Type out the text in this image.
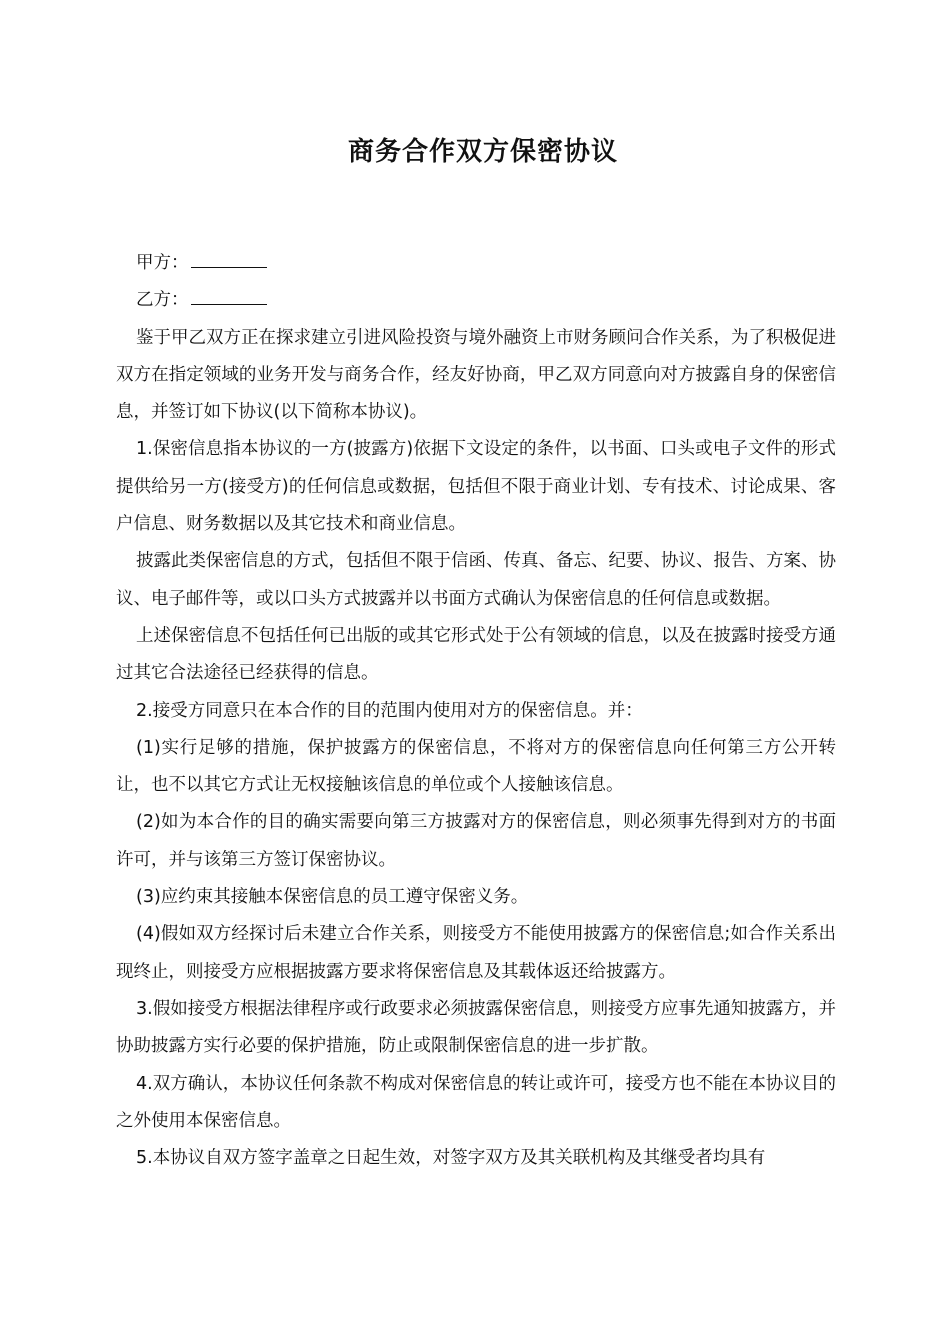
商务合作双方保密协议

甲方：

乙方：

鉴于甲乙双方正在探求建立引进风险投资与境外融资上市财务顾问合作关系，为了积极促进双方在指定领域的业务开发与商务合作，经友好协商，甲乙双方同意向对方披露自身的保密信息，并签订如下协议(以下简称本协议)。

1.保密信息指本协议的一方(披露方)依据下文设定的条件，以书面、口头或电子文件的形式提供给另一方(接受方)的任何信息或数据，包括但不限于商业计划、专有技术、讨论成果、客户信息、财务数据以及其它技术和商业信息。

披露此类保密信息的方式，包括但不限于信函、传真、备忘、纪要、协议、报告、方案、协议、电子邮件等，或以口头方式披露并以书面方式确认为保密信息的任何信息或数据。

上述保密信息不包括任何已出版的或其它形式处于公有领域的信息，以及在披露时接受方通过其它合法途径已经获得的信息。

2.接受方同意只在本合作的目的范围内使用对方的保密信息。并：

(1)实行足够的措施，保护披露方的保密信息，不将对方的保密信息向任何第三方公开转让，也不以其它方式让无权接触该信息的单位或个人接触该信息。

(2)如为本合作的目的确实需要向第三方披露对方的保密信息，则必须事先得到对方的书面许可，并与该第三方签订保密协议。

(3)应约束其接触本保密信息的员工遵守保密义务。

(4)假如双方经探讨后未建立合作关系，则接受方不能使用披露方的保密信息;如合作关系出现终止，则接受方应根据披露方要求将保密信息及其载体返还给披露方。

3.假如接受方根据法律程序或行政要求必须披露保密信息，则接受方应事先通知披露方，并协助披露方实行必要的保护措施，防止或限制保密信息的进一步扩散。

4.双方确认，本协议任何条款不构成对保密信息的转让或许可，接受方也不能在本协议目的之外使用本保密信息。

5.本协议自双方签字盖章之日起生效，对签字双方及其关联机构及其继受者均具有
